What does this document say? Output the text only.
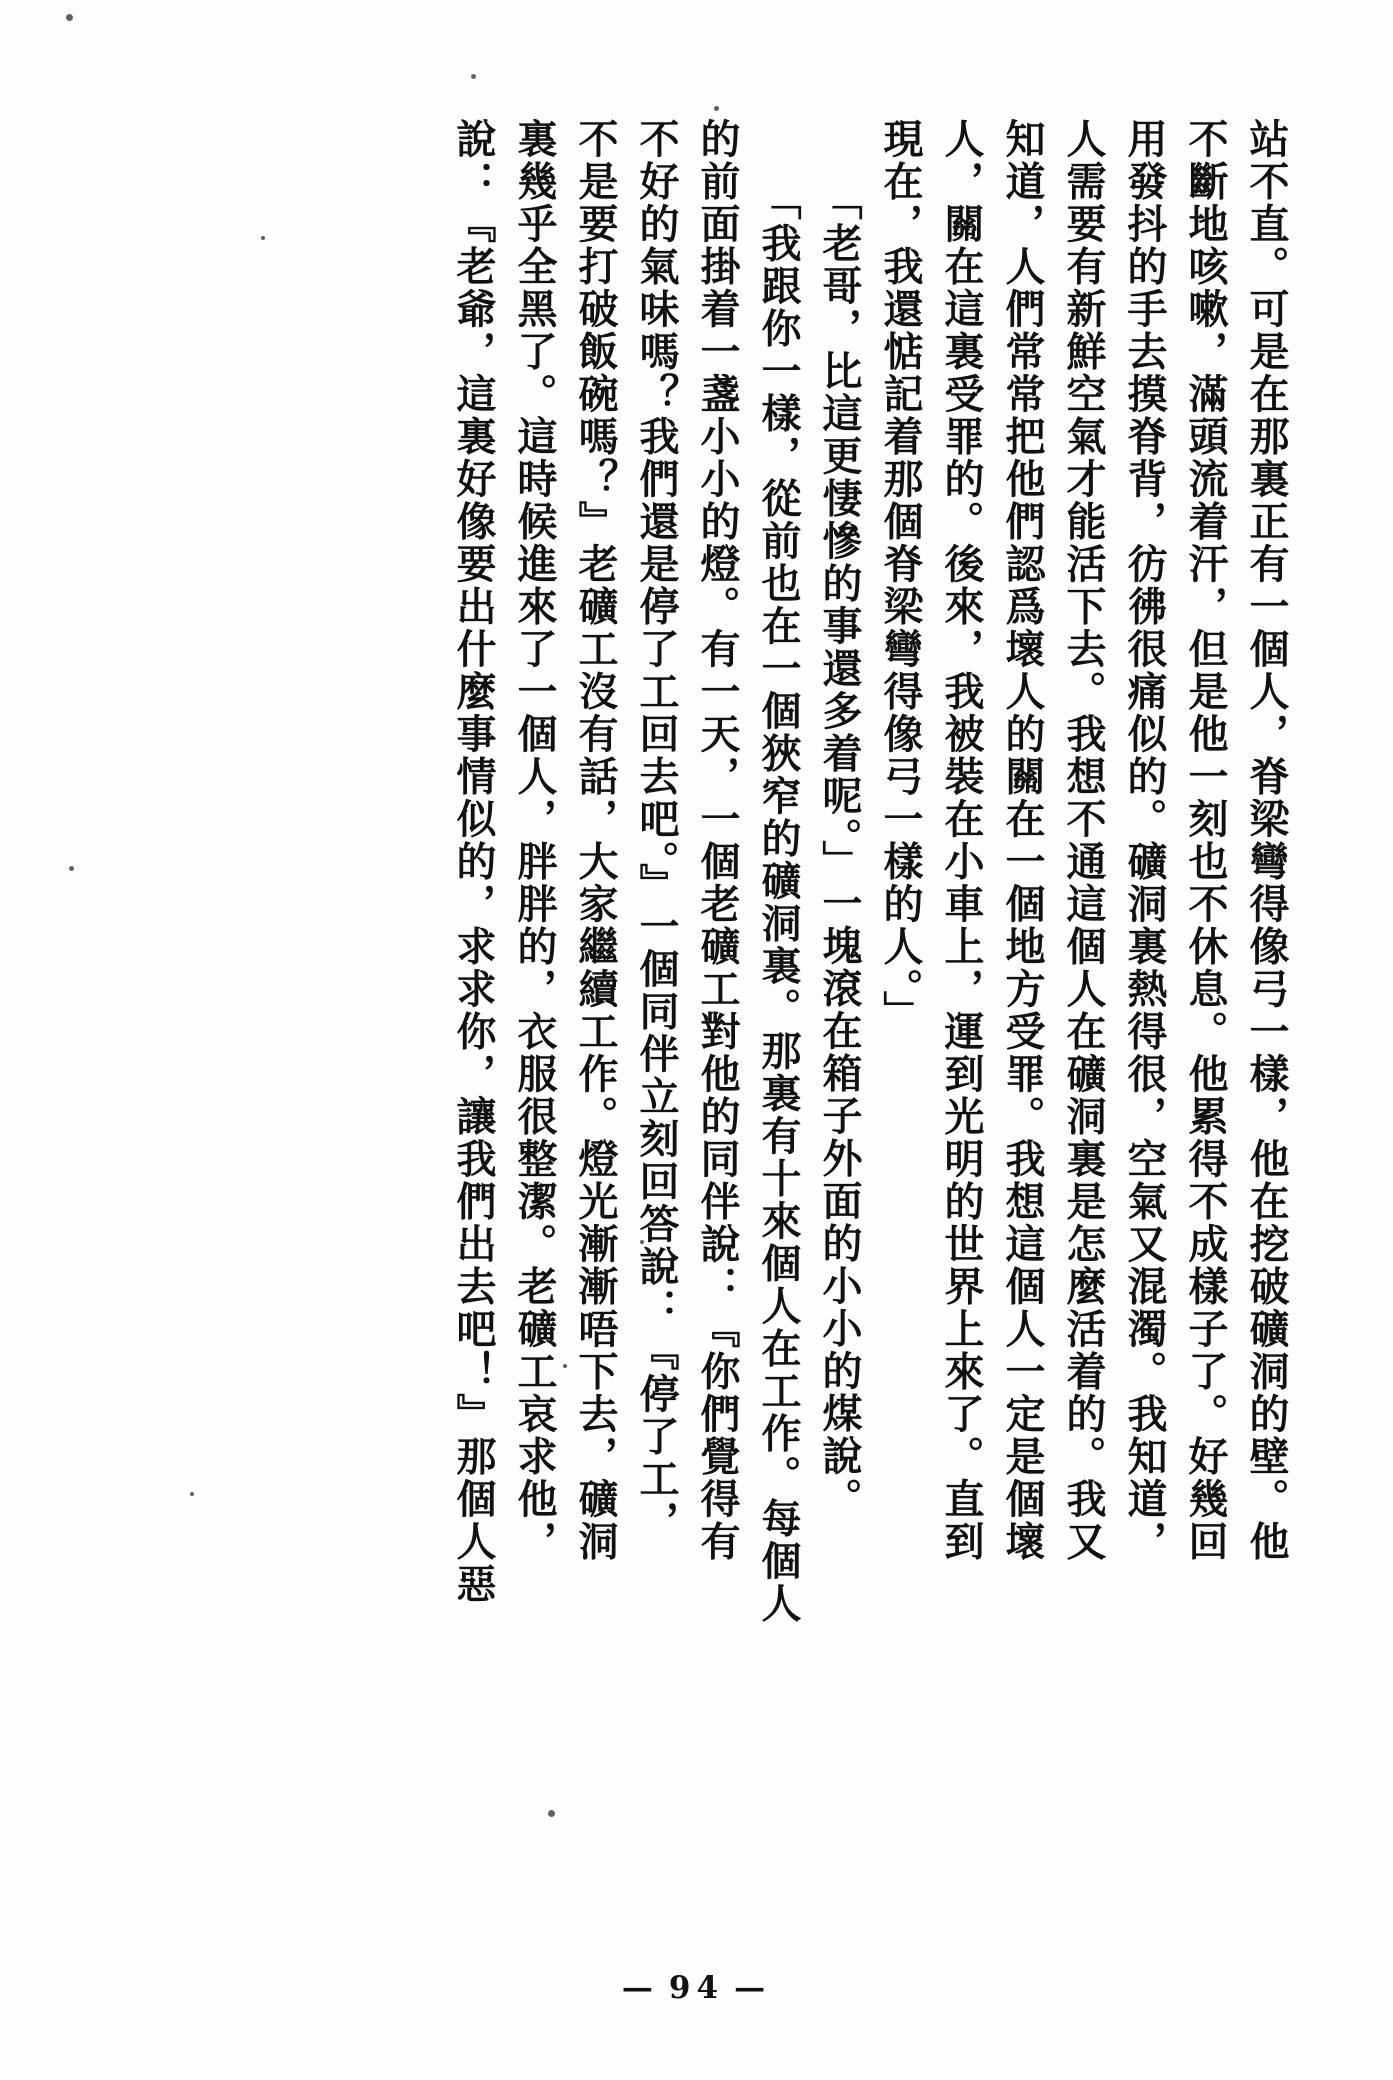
站不直。可是在那裏正有一個人，脊梁彎得像弓一樣，他在挖破礦洞的壁。他
不斷地咳嗽，滿頭流着汗，但是他一刻也不休息。他累得不成樣子了。好幾回
用發抖的手去摸脊背，彷彿很痛似的。礦洞裏熱得很，空氣又混濁。我知道，
人需要有新鮮空氣才能活下去。我想不通這個人在礦洞裏是怎麼活着的。我又
知道，人們常常把他們認爲壞人的關在一個地方受罪。我想這個人一定是個壞
人，關在這裏受罪的。後來，我被裝在小車上，運到光明的世界上來了。直到
現在，我還惦記着那個脊梁彎得像弓一樣的人。」
「老哥，比這更悽慘的事還多着呢。」一塊滾在箱子外面的小小的煤說。
「我跟你一樣，從前也在一個狹窄的礦洞裏。那裏有十來個人在工作。每個人
的前面掛着一盞小小的燈。有一天，一個老礦工對他的同伴說：『你們覺得有
不好的氣味嗎？我們還是停了工回去吧。』一個同伴立刻回答說：『停了工，
不是要打破飯碗嗎？』老礦工沒有話，大家繼續工作。燈光漸漸唔下去，礦洞
裏幾乎全黑了。這時候進來了一個人，胖胖的，衣服很整潔。老礦工哀求他，
說：『老爺，這裏好像要出什麼事情似的，求求你，讓我們出去吧！』那個人惡
— 94 —
